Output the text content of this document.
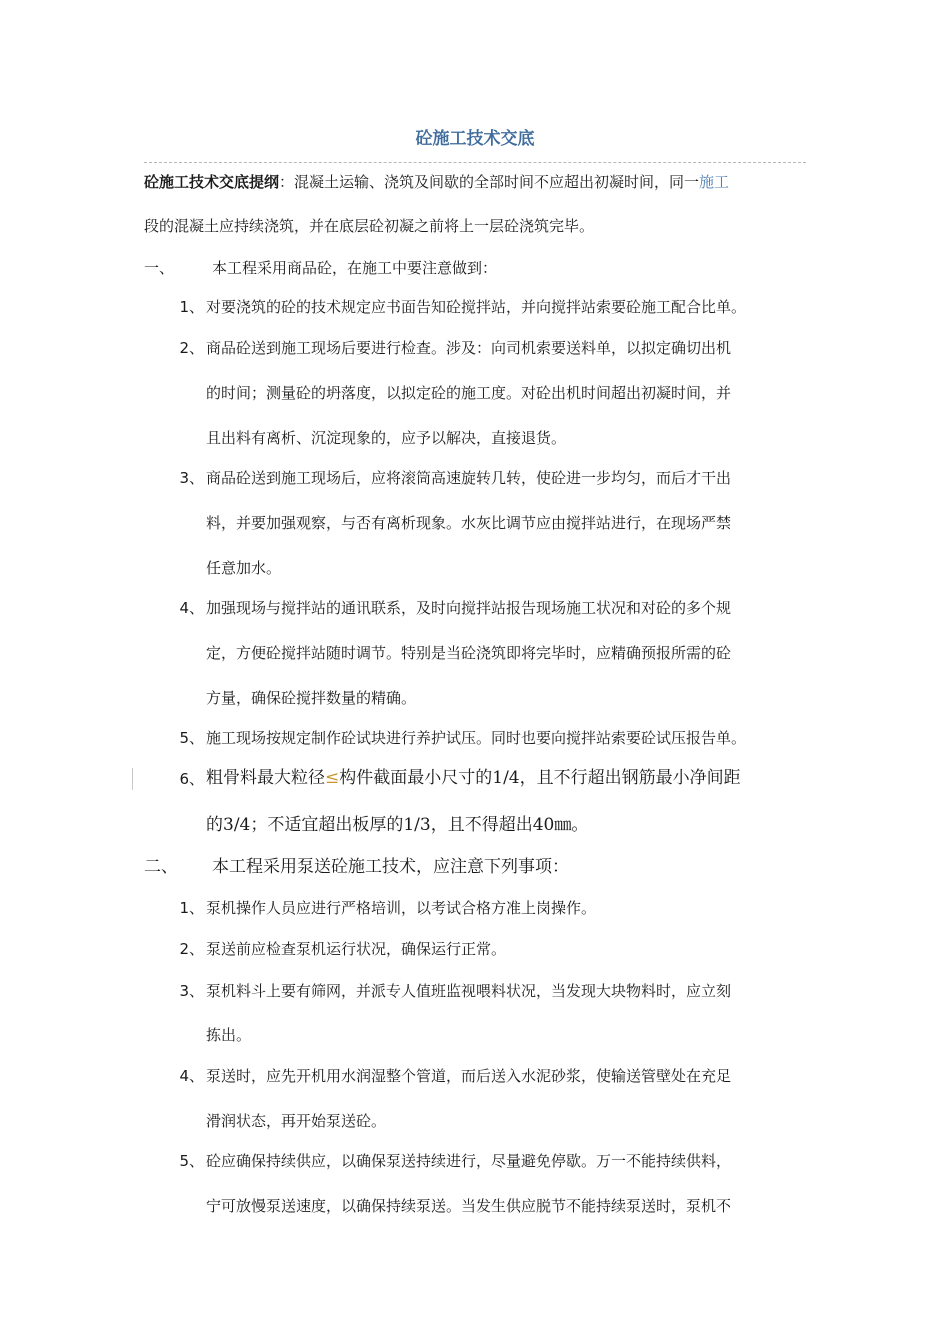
砼施工技术交底
砼施工技术交底提纲：混凝土运输、浇筑及间歇的全部时间不应超出初凝时间，同一施工
段的混凝土应持续浇筑，并在底层砼初凝之前将上一层砼浇筑完毕。
一、	本工程采用商品砼，在施工中要注意做到：
1、 对要浇筑的砼的技术规定应书面告知砼搅拌站，并向搅拌站索要砼施工配合比单。
2、 商品砼送到施工现场后要进行检查。涉及：向司机索要送料单，以拟定确切出机
的时间；测量砼的坍落度，以拟定砼的施工度。对砼出机时间超出初凝时间，并
且出料有离析、沉淀现象的，应予以解决，直接退货。
3、 商品砼送到施工现场后，应将滚筒高速旋转几转，使砼进一步均匀，而后才干出
料，并要加强观察，与否有离析现象。水灰比调节应由搅拌站进行，在现场严禁
任意加水。
4、 加强现场与搅拌站的通讯联系，及时向搅拌站报告现场施工状况和对砼的多个规
定，方便砼搅拌站随时调节。特别是当砼浇筑即将完毕时，应精确预报所需的砼
方量，确保砼搅拌数量的精确。
5、 施工现场按规定制作砼试块进行养护试压。同时也要向搅拌站索要砼试压报告单。
6、 粗骨料最大粒径≤构件截面最小尺寸的1/4，且不行超出钢筋最小净间距
的3/4；不适宜超出板厚的1/3，且不得超出40㎜。
二、 本工程采用泵送砼施工技术，应注意下列事项：
1、 泵机操作人员应进行严格培训，以考试合格方准上岗操作。
2、 泵送前应检查泵机运行状况，确保运行正常。
3、 泵机料斗上要有筛网，并派专人值班监视喂料状况，当发现大块物料时，应立刻
拣出。
4、 泵送时，应先开机用水润湿整个管道，而后送入水泥砂浆，使输送管壁处在充足
滑润状态，再开始泵送砼。
5、 砼应确保持续供应，以确保泵送持续进行，尽量避免停歇。万一不能持续供料，
宁可放慢泵送速度，以确保持续泵送。当发生供应脱节不能持续泵送时，泵机不
